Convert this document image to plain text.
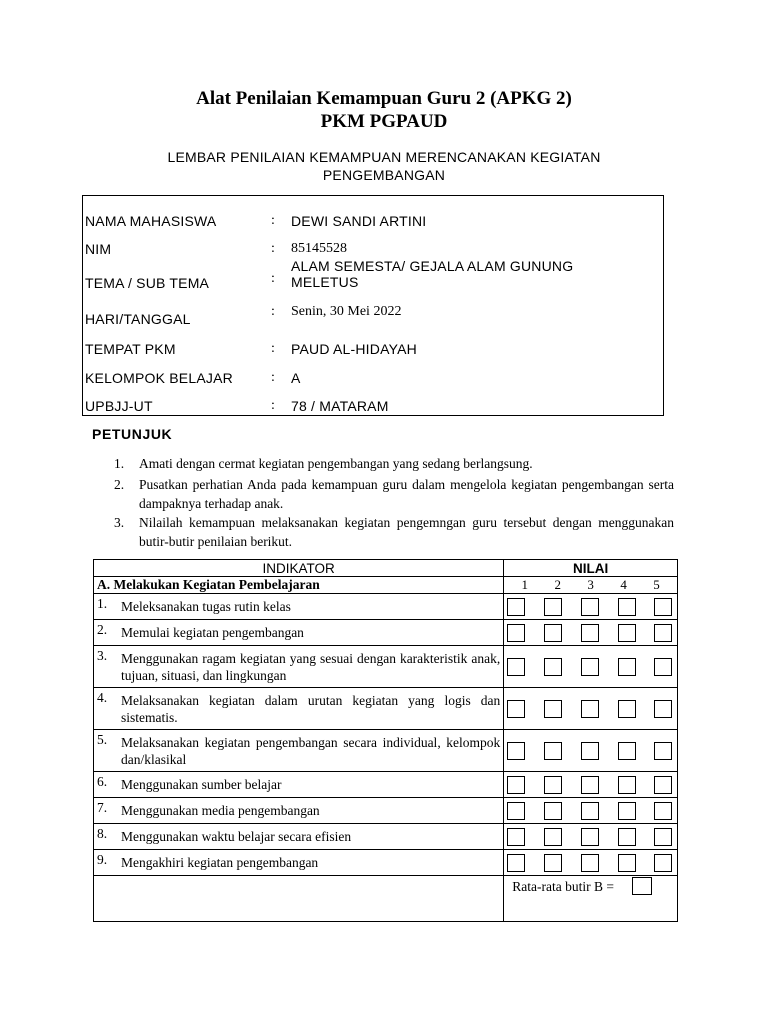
Alat Penilaian Kemampuan Guru 2 (APKG 2)
PKM PGPAUD
LEMBAR PENILAIAN KEMAMPUAN MERENCANAKAN KEGIATAN
PENGEMBANGAN
NAMA MAHASISWA	: DEWI SANDI ARTINI
NIM	: 85145528
TEMA / SUB TEMA	:
ALAM SEMESTA/ GEJALA ALAM GUNUNG MELETUS
HARI/TANGGAL	: Senin, 30 Mei 2022
TEMPAT PKM	: PAUD AL-HIDAYAH
KELOMPOK BELAJAR	: A
UPBJJ-UT	: 78 / MATARAM
PETUNJUK
1. Amati dengan cermat kegiatan pengembangan yang sedang berlangsung.
2. Pusatkan perhatian Anda pada kemampuan guru dalam mengelola kegiatan pengembangan serta dampaknya terhadap anak.
3. Nilailah kemampuan melaksanakan kegiatan pengemngan guru tersebut dengan menggunakan butir-butir penilaian berikut.
INDIKATOR	NILAI
A. Melakukan Kegiatan Pembelajaran	1 2 3 4 5

1. Meleksanakan tugas rutin kelas	

2. Memulai kegiatan pengembangan	

3. Menggunakan ragam kegiatan yang sesuai dengan karakteristik anak, tujuan, situasi, dan lingkungan	

4. Melaksanakan kegiatan dalam urutan kegiatan yang logis dan sistematis.	

5. Melaksanakan kegiatan pengembangan secara individual, kelompok dan/klasikal	

6. Menggunakan sumber belajar	

7. Menggunakan media pengembangan	

8. Menggunakan waktu belajar secara efisien	

9. Mengakhiri kegiatan pengembangan	

	Rata-rata butir B =
